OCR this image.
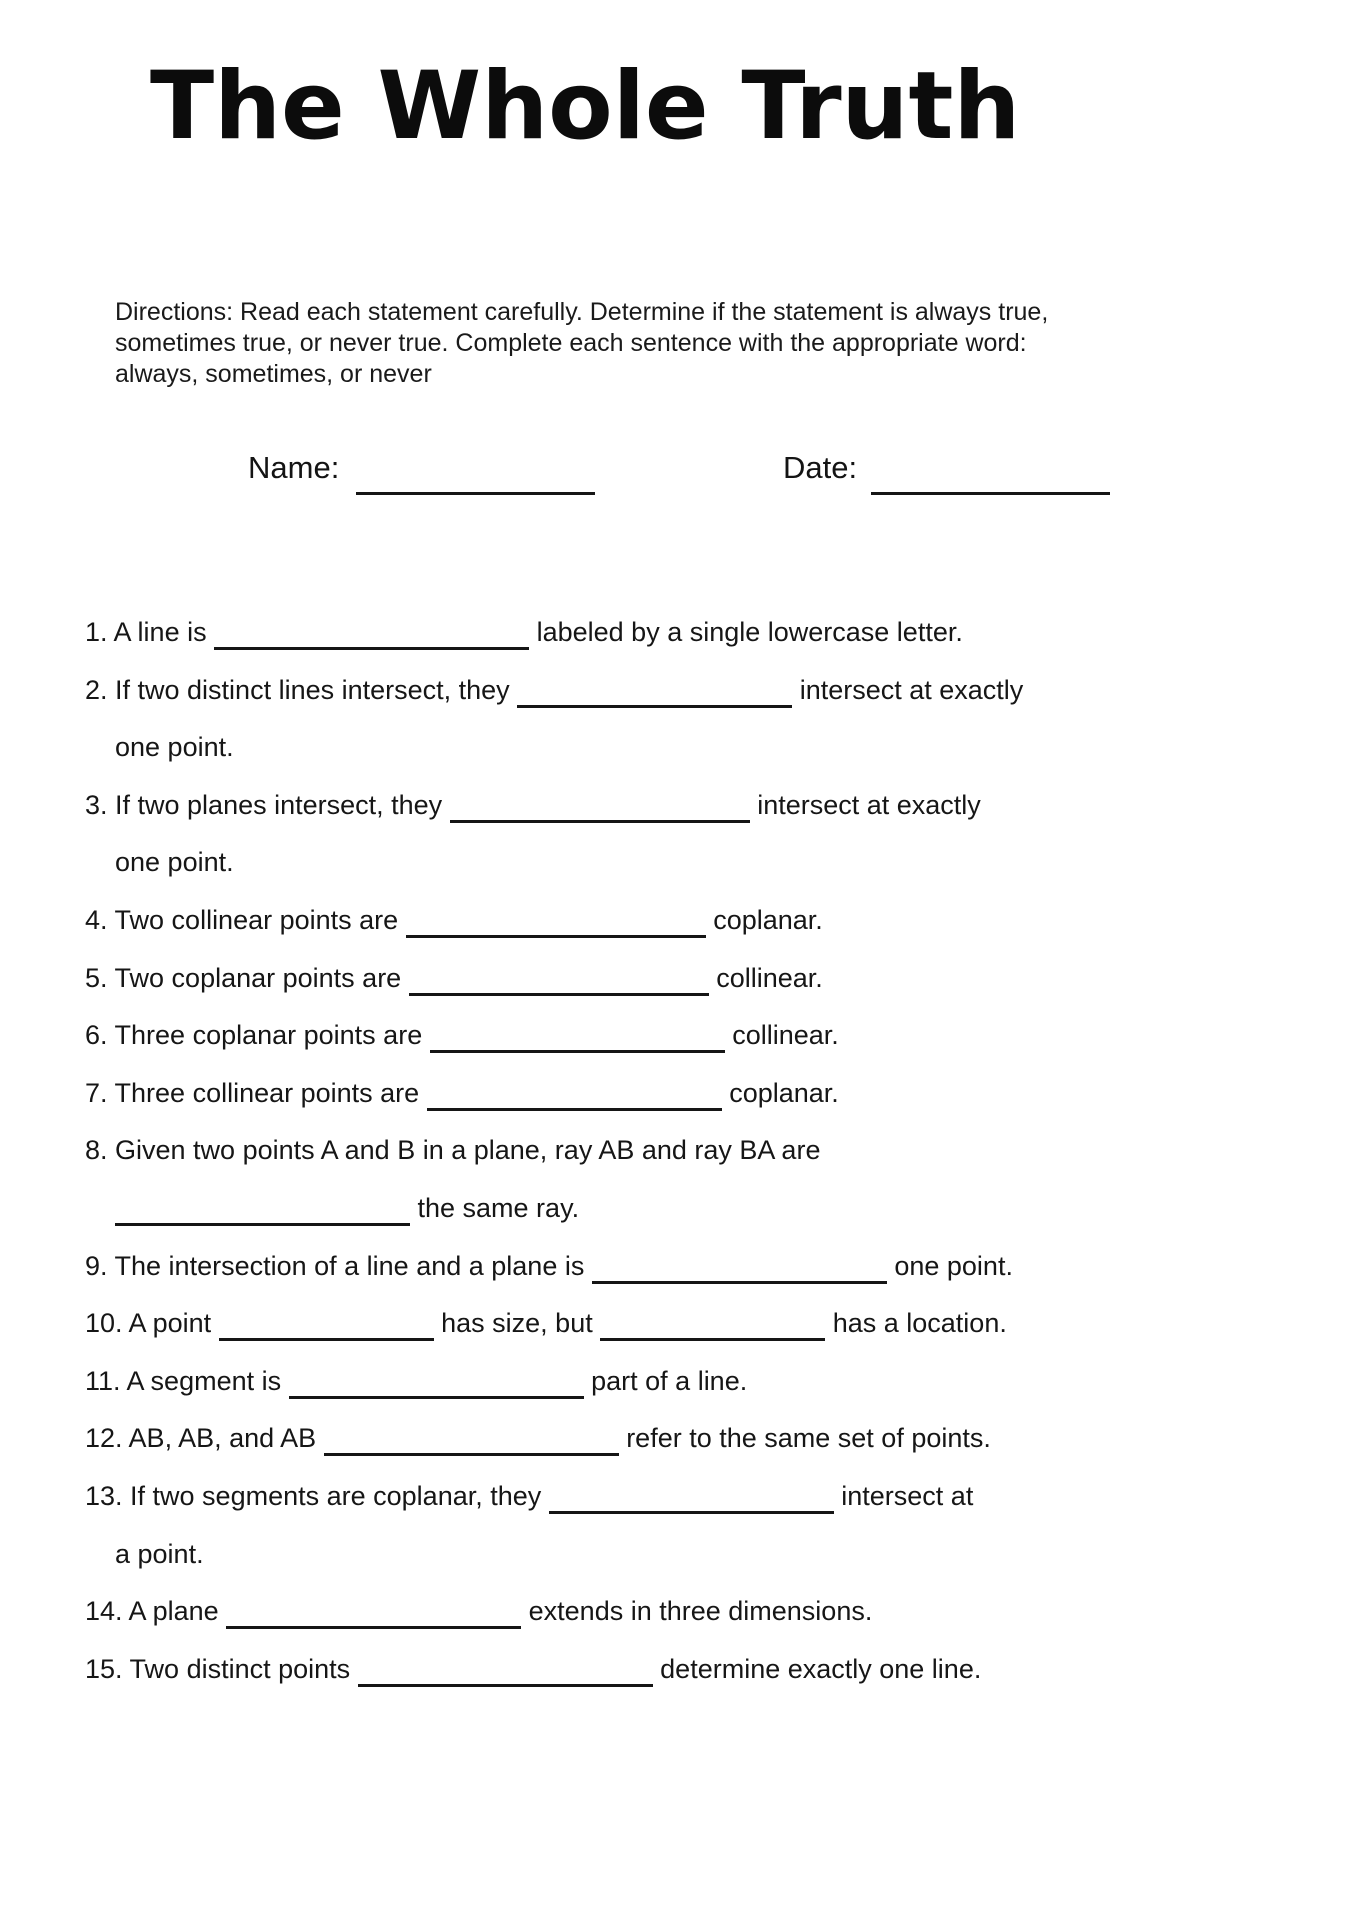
The Whole Truth
Directions: Read each statement carefully. Determine if the statement is always true,
sometimes true, or never true. Complete each sentence with the appropriate word:
always, sometimes, or never
Name:	Date:
1. A line is	labeled by a single lowercase letter.
2. If two distinct lines intersect, they	intersect at exactly
one point.
3. If two planes intersect, they	intersect at exactly
one point.
4. Two collinear points are	coplanar.
5. Two coplanar points are	collinear.
6. Three coplanar points are	collinear.
7. Three collinear points are	coplanar.
8. Given two points A and B in a plane, ray AB and ray BA are
the same ray.
9. The intersection of a line and a plane is	one point.
10. A point	has size, but	has a location.
11. A segment is	part of a line.
12. AB, AB, and AB	refer to the same set of points.
13. If two segments are coplanar, they	intersect at
a point.
14. A plane	extends in three dimensions.
15. Two distinct points	determine exactly one line.
